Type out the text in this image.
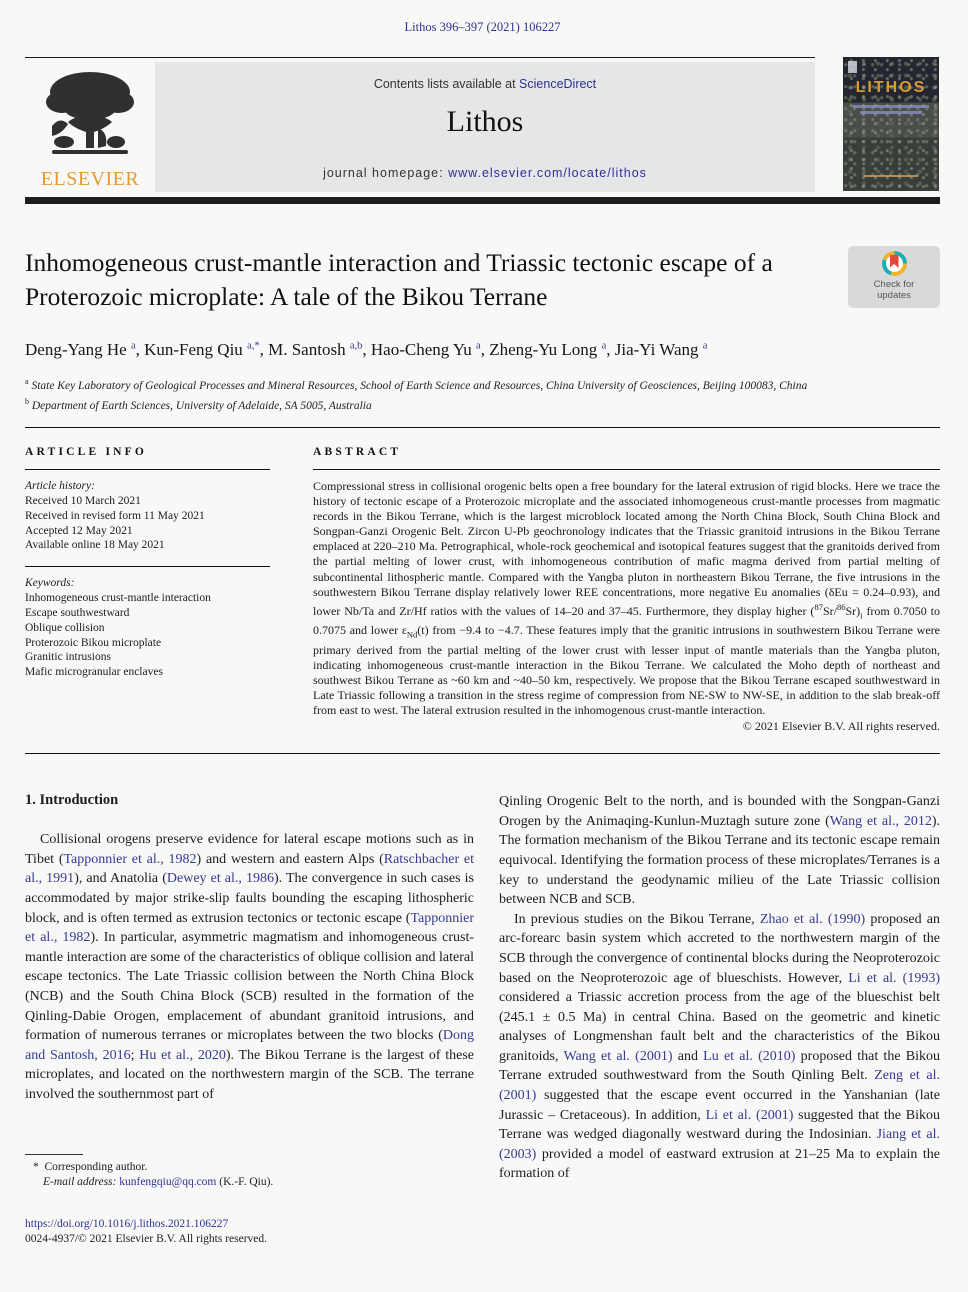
Lithos 396–397 (2021) 106227
ELSEVIER
Contents lists available at ScienceDirect
Lithos
journal homepage: www.elsevier.com/locate/lithos
LITHOS
Inhomogeneous crust-mantle interaction and Triassic tectonic escape of a Proterozoic microplate: A tale of the Bikou Terrane	Check for
updates
Deng-Yang He $^a$, Kun-Feng Qiu $^{a,*}$, M. Santosh $^{a,b}$, Hao-Cheng Yu $^a$, Zheng-Yu Long $^a$, Jia-Yi Wang $^a$
$^a$ State Key Laboratory of Geological Processes and Mineral Resources, School of Earth Science and Resources, China University of Geosciences, Beijing 100083, China
$^b$ Department of Earth Sciences, University of Adelaide, SA 5005, Australia
ARTICLE INFO
Article history:
Received 10 March 2021
Received in revised form 11 May 2021
Accepted 12 May 2021
Available online 18 May 2021
Keywords:
Inhomogeneous crust-mantle interaction
Escape southwestward
Oblique collision
Proterozoic Bikou microplate
Granitic intrusions
Mafic microgranular enclaves
ABSTRACT
Compressional stress in collisional orogenic belts open a free boundary for the lateral extrusion of rigid blocks. Here we trace the history of tectonic escape of a Proterozoic microplate and the associated inhomogeneous crust-mantle processes from magmatic records in the Bikou Terrane, which is the largest microblock located among the North China Block, South China Block and Songpan-Ganzi Orogenic Belt. Zircon U-Pb geochronology indicates that the Triassic granitoid intrusions in the Bikou Terrane emplaced at 220–210 Ma. Petrographical, whole-rock geochemical and isotopical features suggest that the granitoids derived from the partial melting of lower crust, with inhomogeneous contribution of mafic magma derived from partial melting of subcontinental lithospheric mantle. Compared with the Yangba pluton in northeastern Bikou Terrane, the five intrusions in the southwestern Bikou Terrane display relatively lower REE concentrations, more negative Eu anomalies (δEu = 0.24–0.93), and lower Nb/Ta and Zr/Hf ratios with the values of 14–20 and 37–45. Furthermore, they display higher $(^{87}Sr/^{86}Sr)_i$ from 0.7050 to 0.7075 and lower $\varepsilon_{Nd}(t)$ from −9.4 to −4.7. These features imply that the granitic intrusions in southwestern Bikou Terrane were primary derived from the partial melting of the lower crust with lesser input of mantle materials than the Yangba pluton, indicating inhomogeneous crust-mantle interaction in the Bikou Terrane. We calculated the Moho depth of northeast and southwest Bikou Terrane as ~60 km and ~40–50 km, respectively. We propose that the Bikou Terrane escaped southwestward in Late Triassic following a transition in the stress regime of compression from NE-SW to NW-SE, in addition to the slab break-off from east to west. The lateral extrusion resulted in the inhomogenous crust-mantle interaction.
© 2021 Elsevier B.V. All rights reserved.
1. Introduction

Collisional orogens preserve evidence for lateral escape motions such as in Tibet (Tapponnier et al., 1982) and western and eastern Alps (Ratschbacher et al., 1991), and Anatolia (Dewey et al., 1986). The convergence in such cases is accommodated by major strike-slip faults bounding the escaping lithospheric block, and is often termed as extrusion tectonics or tectonic escape (Tapponnier et al., 1982). In particular, asymmetric magmatism and inhomogeneous crust-mantle interaction are some of the characteristics of oblique collision and lateral escape tectonics. The Late Triassic collision between the North China Block (NCB) and the South China Block (SCB) resulted in the formation of the Qinling-Dabie Orogen, emplacement of abundant granitoid intrusions, and formation of numerous terranes or microplates between the two blocks (Dong and Santosh, 2016; Hu et al., 2020). The Bikou Terrane is the largest of these microplates, and located on the northwestern margin of the SCB. The terrane involved the southernmost part of

* Corresponding author.
E-mail address: kunfengqiu@qq.com (K.-F. Qiu).
https://doi.org/10.1016/j.lithos.2021.106227
0024-4937/© 2021 Elsevier B.V. All rights reserved.

Qinling Orogenic Belt to the north, and is bounded with the Songpan-Ganzi Orogen by the Animaqing-Kunlun-Muztagh suture zone (Wang et al., 2012). The formation mechanism of the Bikou Terrane and its tectonic escape remain equivocal. Identifying the formation process of these microplates/Terranes is a key to understand the geodynamic milieu of the Late Triassic collision between NCB and SCB.

In previous studies on the Bikou Terrane, Zhao et al. (1990) proposed an arc-forearc basin system which accreted to the northwestern margin of the SCB through the convergence of continental blocks during the Neoproterozoic based on the Neoproterozoic age of blueschists. However, Li et al. (1993) considered a Triassic accretion process from the age of the blueschist belt (245.1 ± 0.5 Ma) in central China. Based on the geometric and kinetic analyses of Longmenshan fault belt and the characteristics of the Bikou granitoids, Wang et al. (2001) and Lu et al. (2010) proposed that the Bikou Terrane extruded southwestward from the South Qinling Belt. Zeng et al. (2001) suggested that the escape event occurred in the Yanshanian (late Jurassic – Cretaceous). In addition, Li et al. (2001) suggested that the Bikou Terrane was wedged diagonally westward during the Indosinian. Jiang et al. (2003) provided a model of eastward extrusion at 21–25 Ma to explain the formation of
